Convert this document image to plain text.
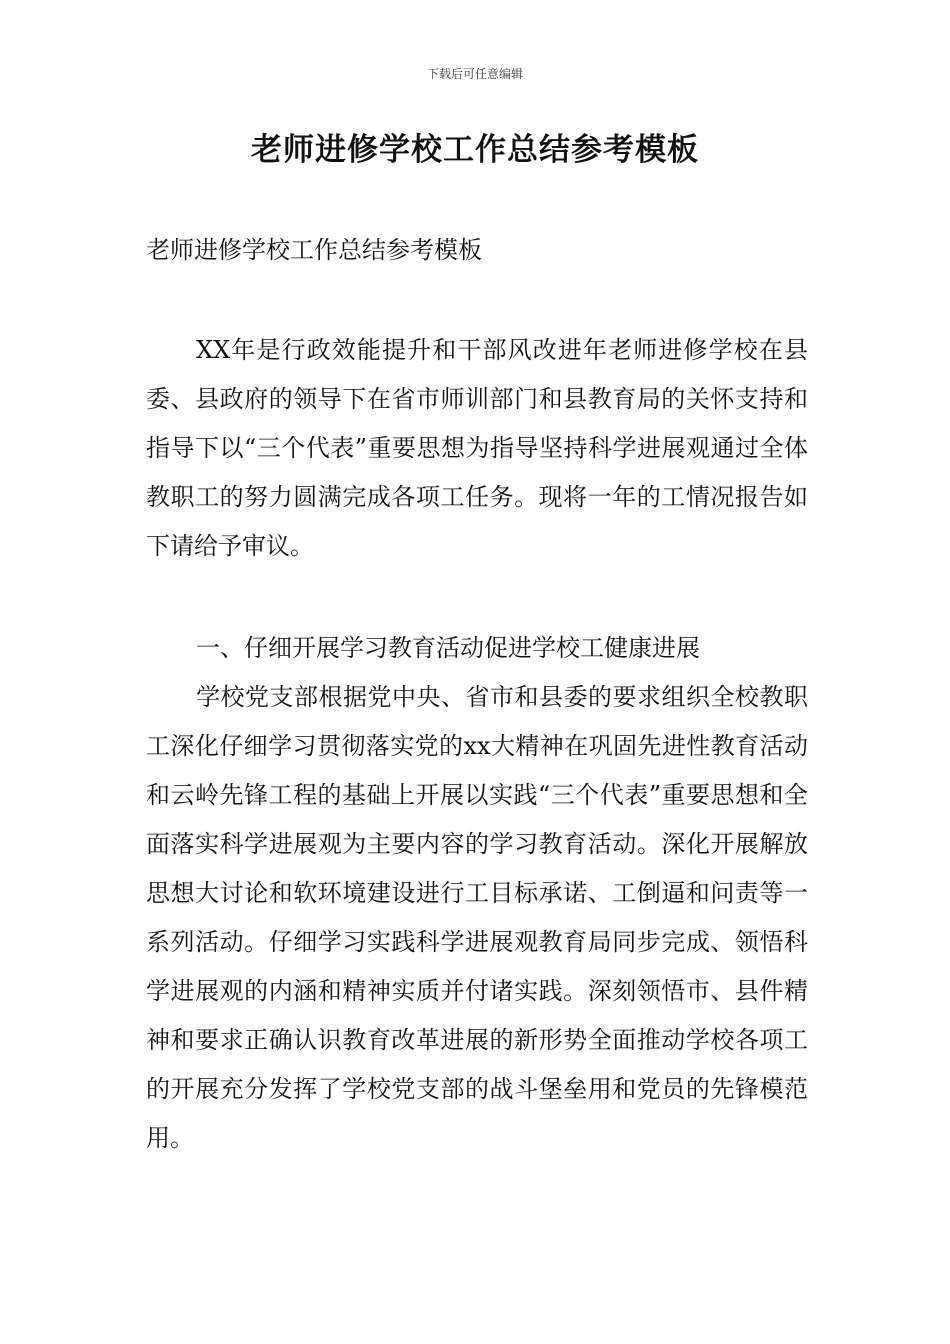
下载后可任意编辑
老师进修学校工作总结参考模板

老师进修学校工作总结参考模板

XX年是行政效能提升和干部风改进年老师进修学校在县委、县政府的领导下在省市师训部门和县教育局的关怀支持和指导下以“三个代表”重要思想为指导坚持科学进展观通过全体教职工的努力圆满完成各项工任务。现将一年的工情况报告如下请给予审议。

一、仔细开展学习教育活动促进学校工健康进展

学校党支部根据党中央、省市和县委的要求组织全校教职工深化仔细学习贯彻落实党的xx大精神在巩固先进性教育活动和云岭先锋工程的基础上开展以实践“三个代表”重要思想和全面落实科学进展观为主要内容的学习教育活动。深化开展解放思想大讨论和软环境建设进行工目标承诺、工倒逼和问责等一系列活动。仔细学习实践科学进展观教育局同步完成、领悟科学进展观的内涵和精神实质并付诸实践。深刻领悟市、县件精神和要求正确认识教育改革进展的新形势全面推动学校各项工的开展充分发挥了学校党支部的战斗堡垒用和党员的先锋模范用。
